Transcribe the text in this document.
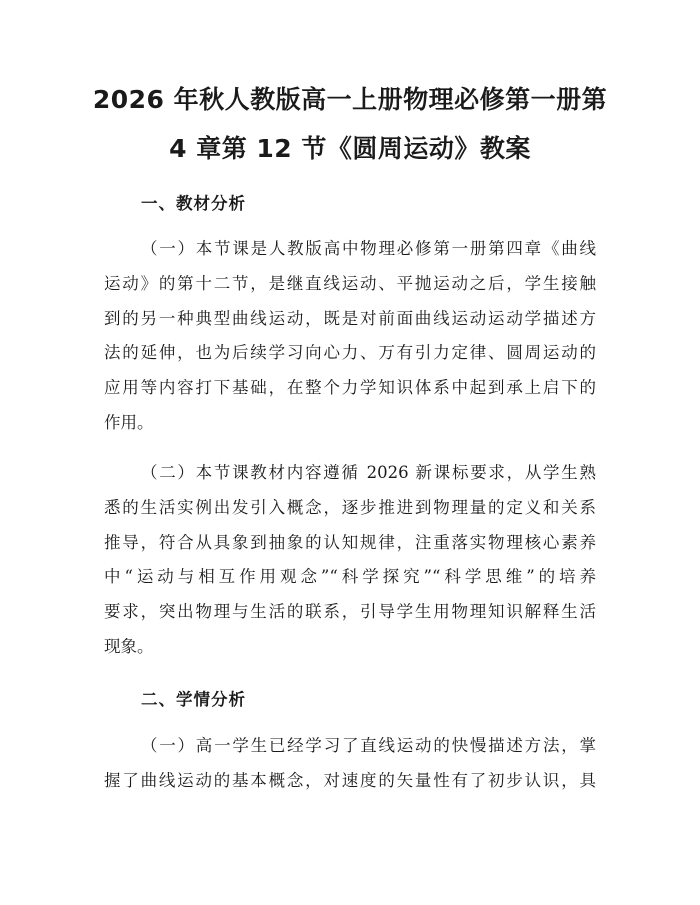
2026 年秋人教版高一上册物理必修第一册第
4 章第 12 节《圆周运动》教案
一、教材分析

（一）本节课是人教版高中物理必修第一册第四章《曲线
运动》的第十二节，是继直线运动、平抛运动之后，学生接触
到的另一种典型曲线运动，既是对前面曲线运动运动学描述方
法的延伸，也为后续学习向心力、万有引力定律、圆周运动的
应用等内容打下基础，在整个力学知识体系中起到承上启下的
作用。

（二）本节课教材内容遵循 2026 新课标要求，从学生熟
悉的生活实例出发引入概念，逐步推进到物理量的定义和关系
推导，符合从具象到抽象的认知规律，注重落实物理核心素养
中“运动与相互作用观念”“科学探究”“科学思维”的培养
要求，突出物理与生活的联系，引导学生用物理知识解释生活
现象。

二、学情分析

（一）高一学生已经学习了直线运动的快慢描述方法，掌
握了曲线运动的基本概念，对速度的矢量性有了初步认识，具
